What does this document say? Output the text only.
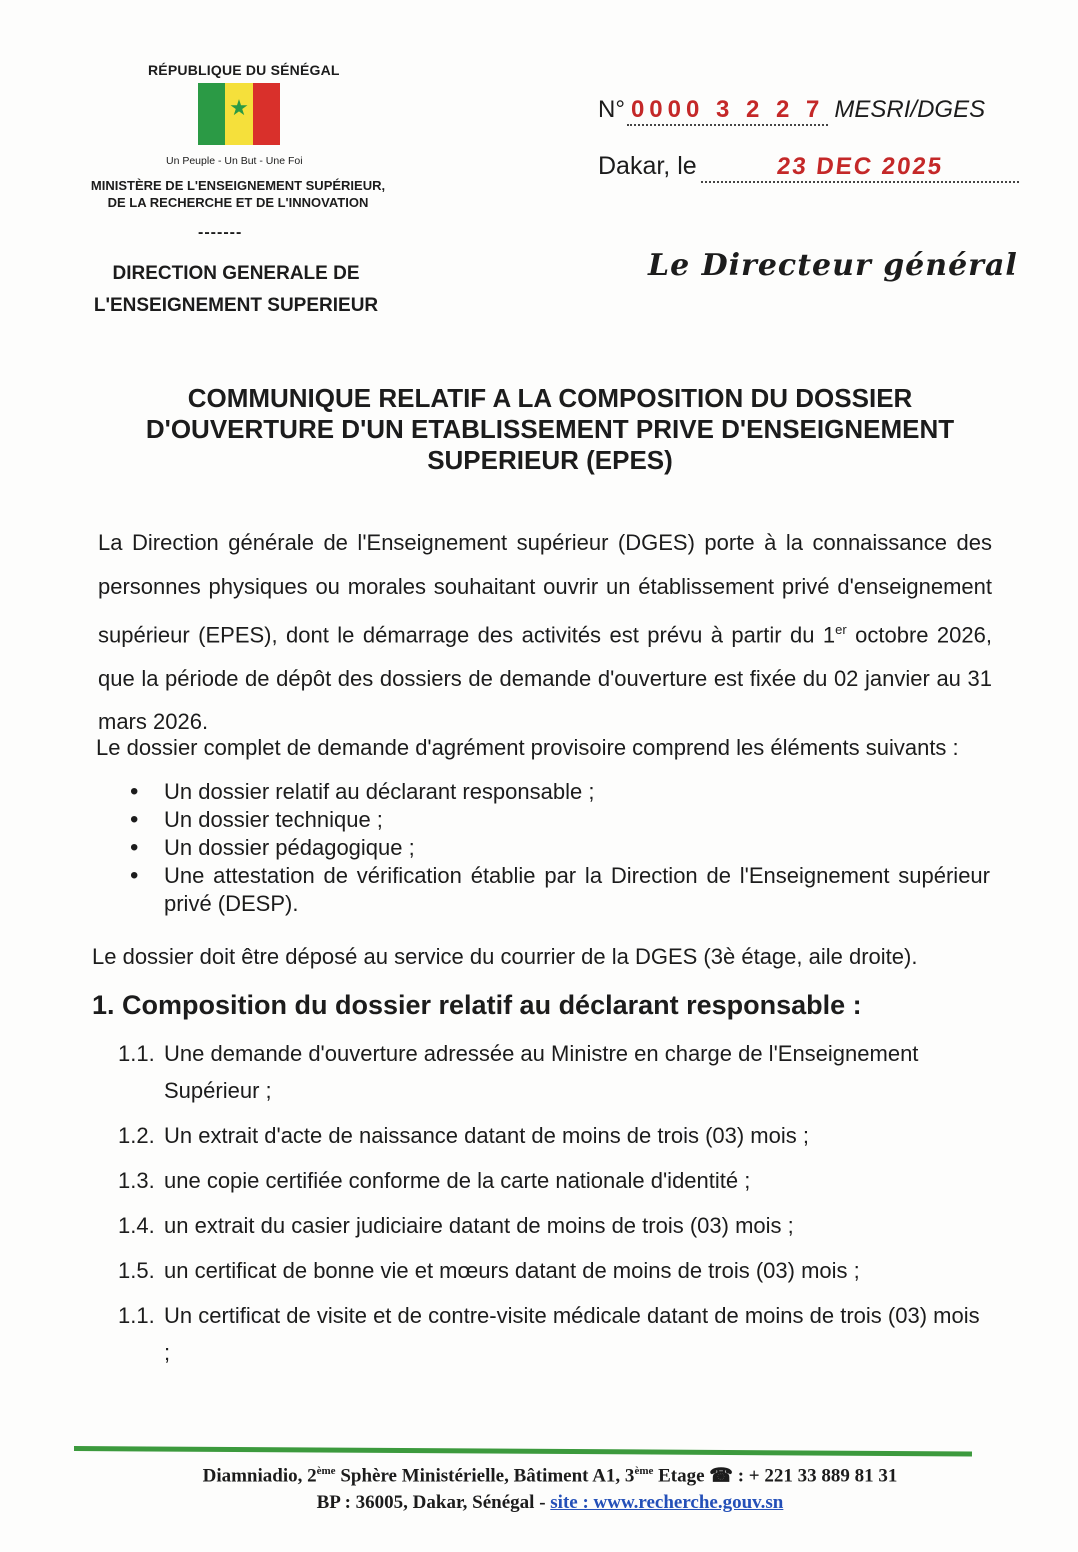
RÉPUBLIQUE DU SÉNÉGAL
★
Un Peuple - Un But - Une Foi
MINISTÈRE DE L'ENSEIGNEMENT SUPÉRIEUR,
DE LA RECHERCHE ET DE L'INNOVATION
-------
DIRECTION GENERALE DE
L'ENSEIGNEMENT SUPERIEUR
N° 0000 3 2 2 7 MESRI/DGES
Dakar, le	23 DEC 2025
Le Directeur général
COMMUNIQUE RELATIF A LA COMPOSITION DU DOSSIER D'OUVERTURE D'UN ETABLISSEMENT PRIVE D'ENSEIGNEMENT SUPERIEUR (EPES)
La Direction générale de l'Enseignement supérieur (DGES) porte à la connaissance des personnes physiques ou morales souhaitant ouvrir un établissement privé d'enseignement supérieur (EPES), dont le démarrage des activités est prévu à partir du 1er octobre 2026, que la période de dépôt des dossiers de demande d'ouverture est fixée du 02 janvier au 31 mars 2026.
Le dossier complet de demande d'agrément provisoire comprend les éléments suivants :
• Un dossier relatif au déclarant responsable ;
• Un dossier technique ;
• Un dossier pédagogique ;
• Une attestation de vérification établie par la Direction de l'Enseignement supérieur privé (DESP).
Le dossier doit être déposé au service du courrier de la DGES (3è étage, aile droite).
1. Composition du dossier relatif au déclarant responsable :
1.1. Une demande d'ouverture adressée au Ministre en charge de l'Enseignement Supérieur ;
1.2. Un extrait d'acte de naissance datant de moins de trois (03) mois ;
1.3. une copie certifiée conforme de la carte nationale d'identité ;
1.4. un extrait du casier judiciaire datant de moins de trois (03) mois ;
1.5. un certificat de bonne vie et mœurs datant de moins de trois (03) mois ;
1.1. Un certificat de visite et de contre-visite médicale datant de moins de trois (03) mois ;
Diamniadio, 2ème Sphère Ministérielle, Bâtiment A1, 3ème Etage ☎ : + 221 33 889 81 31
BP : 36005, Dakar, Sénégal - site : www.recherche.gouv.sn
